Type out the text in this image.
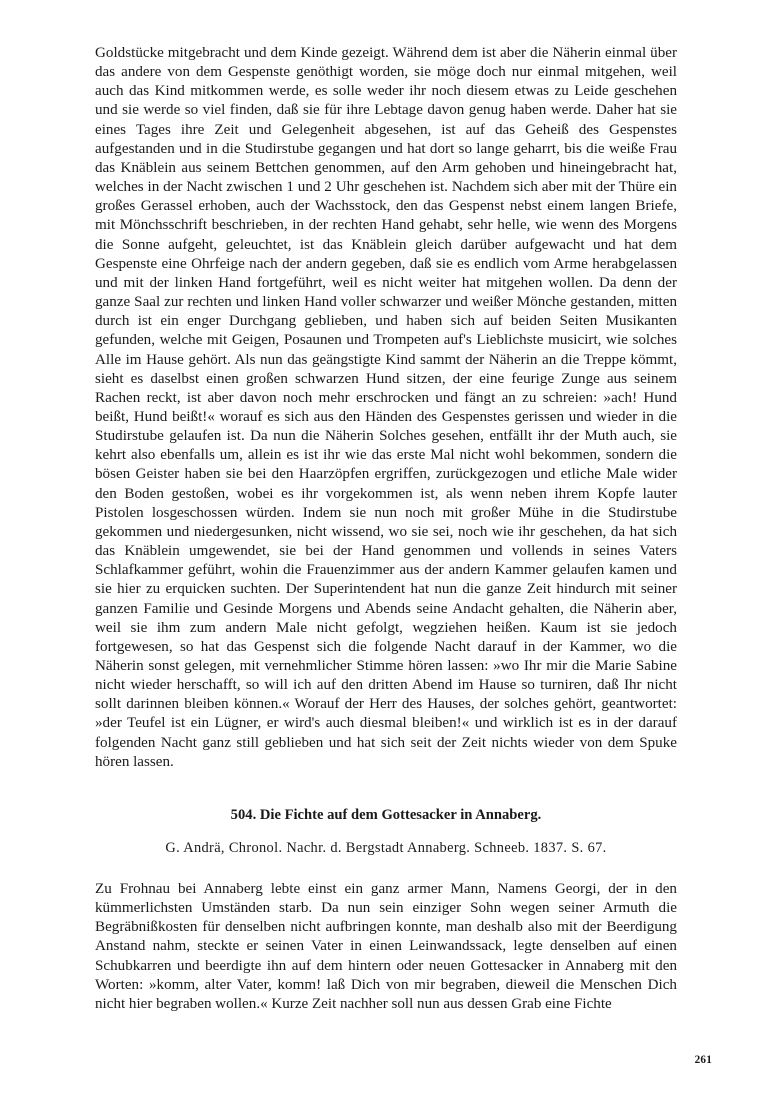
Goldstücke mitgebracht und dem Kinde gezeigt. Während dem ist aber die Näherin einmal über das andere von dem Gespenste genöthigt worden, sie möge doch nur einmal mitgehen, weil auch das Kind mitkommen werde, es solle weder ihr noch diesem etwas zu Leide geschehen und sie werde so viel finden, daß sie für ihre Lebtage davon genug haben werde. Daher hat sie eines Tages ihre Zeit und Gelegenheit abgesehen, ist auf das Geheiß des Gespenstes aufgestanden und in die Studirstube gegangen und hat dort so lange geharrt, bis die weiße Frau das Knäblein aus seinem Bettchen genommen, auf den Arm gehoben und hineingebracht hat, welches in der Nacht zwischen 1 und 2 Uhr geschehen ist. Nachdem sich aber mit der Thüre ein großes Gerassel erhoben, auch der Wachsstock, den das Gespenst nebst einem langen Briefe, mit Mönchsschrift beschrieben, in der rechten Hand gehabt, sehr helle, wie wenn des Morgens die Sonne aufgeht, geleuchtet, ist das Knäblein gleich darüber aufgewacht und hat dem Gespenste eine Ohrfeige nach der andern gegeben, daß sie es endlich vom Arme herabgelassen und mit der linken Hand fortgeführt, weil es nicht weiter hat mitgehen wollen. Da denn der ganze Saal zur rechten und linken Hand voller schwarzer und weißer Mönche gestanden, mitten durch ist ein enger Durchgang geblieben, und haben sich auf beiden Seiten Musikanten gefunden, welche mit Geigen, Posaunen und Trompeten auf's Lieblichste musicirt, wie solches Alle im Hause gehört. Als nun das geängstigte Kind sammt der Näherin an die Treppe kömmt, sieht es daselbst einen großen schwarzen Hund sitzen, der eine feurige Zunge aus seinem Rachen reckt, ist aber davon noch mehr erschrocken und fängt an zu schreien: »ach! Hund beißt, Hund beißt!« worauf es sich aus den Händen des Gespenstes gerissen und wieder in die Studirstube gelaufen ist. Da nun die Näherin Solches gesehen, entfällt ihr der Muth auch, sie kehrt also ebenfalls um, allein es ist ihr wie das erste Mal nicht wohl bekommen, sondern die bösen Geister haben sie bei den Haarzöpfen ergriffen, zurückgezogen und etliche Male wider den Boden gestoßen, wobei es ihr vorgekommen ist, als wenn neben ihrem Kopfe lauter Pistolen losgeschossen würden. Indem sie nun noch mit großer Mühe in die Studirstube gekommen und niedergesunken, nicht wissend, wo sie sei, noch wie ihr geschehen, da hat sich das Knäblein umgewendet, sie bei der Hand genommen und vollends in seines Vaters Schlafkammer geführt, wohin die Frauenzimmer aus der andern Kammer gelaufen kamen und sie hier zu erquicken suchten. Der Superintendent hat nun die ganze Zeit hindurch mit seiner ganzen Familie und Gesinde Morgens und Abends seine Andacht gehalten, die Näherin aber, weil sie ihm zum andern Male nicht gefolgt, wegziehen heißen. Kaum ist sie jedoch fortgewesen, so hat das Gespenst sich die folgende Nacht darauf in der Kammer, wo die Näherin sonst gelegen, mit vernehmlicher Stimme hören lassen: »wo Ihr mir die Marie Sabine nicht wieder herschafft, so will ich auf den dritten Abend im Hause so turniren, daß Ihr nicht sollt darinnen bleiben können.« Worauf der Herr des Hauses, der solches gehört, geantwortet: »der Teufel ist ein Lügner, er wird's auch diesmal bleiben!« und wirklich ist es in der darauf folgenden Nacht ganz still geblieben und hat sich seit der Zeit nichts wieder von dem Spuke hören lassen.

504. Die Fichte auf dem Gottesacker in Annaberg.

G. Andrä, Chronol. Nachr. d. Bergstadt Annaberg. Schneeb. 1837. S. 67.

Zu Frohnau bei Annaberg lebte einst ein ganz armer Mann, Namens Georgi, der in den kümmerlichsten Umständen starb. Da nun sein einziger Sohn wegen seiner Armuth die Begräbnißkosten für denselben nicht aufbringen konnte, man deshalb also mit der Beerdigung Anstand nahm, steckte er seinen Vater in einen Leinwandssack, legte denselben auf einen Schubkarren und beerdigte ihn auf dem hintern oder neuen Gottesacker in Annaberg mit den Worten: »komm, alter Vater, komm! laß Dich von mir begraben, dieweil die Menschen Dich nicht hier begraben wollen.« Kurze Zeit nachher soll nun aus dessen Grab eine Fichte

261
